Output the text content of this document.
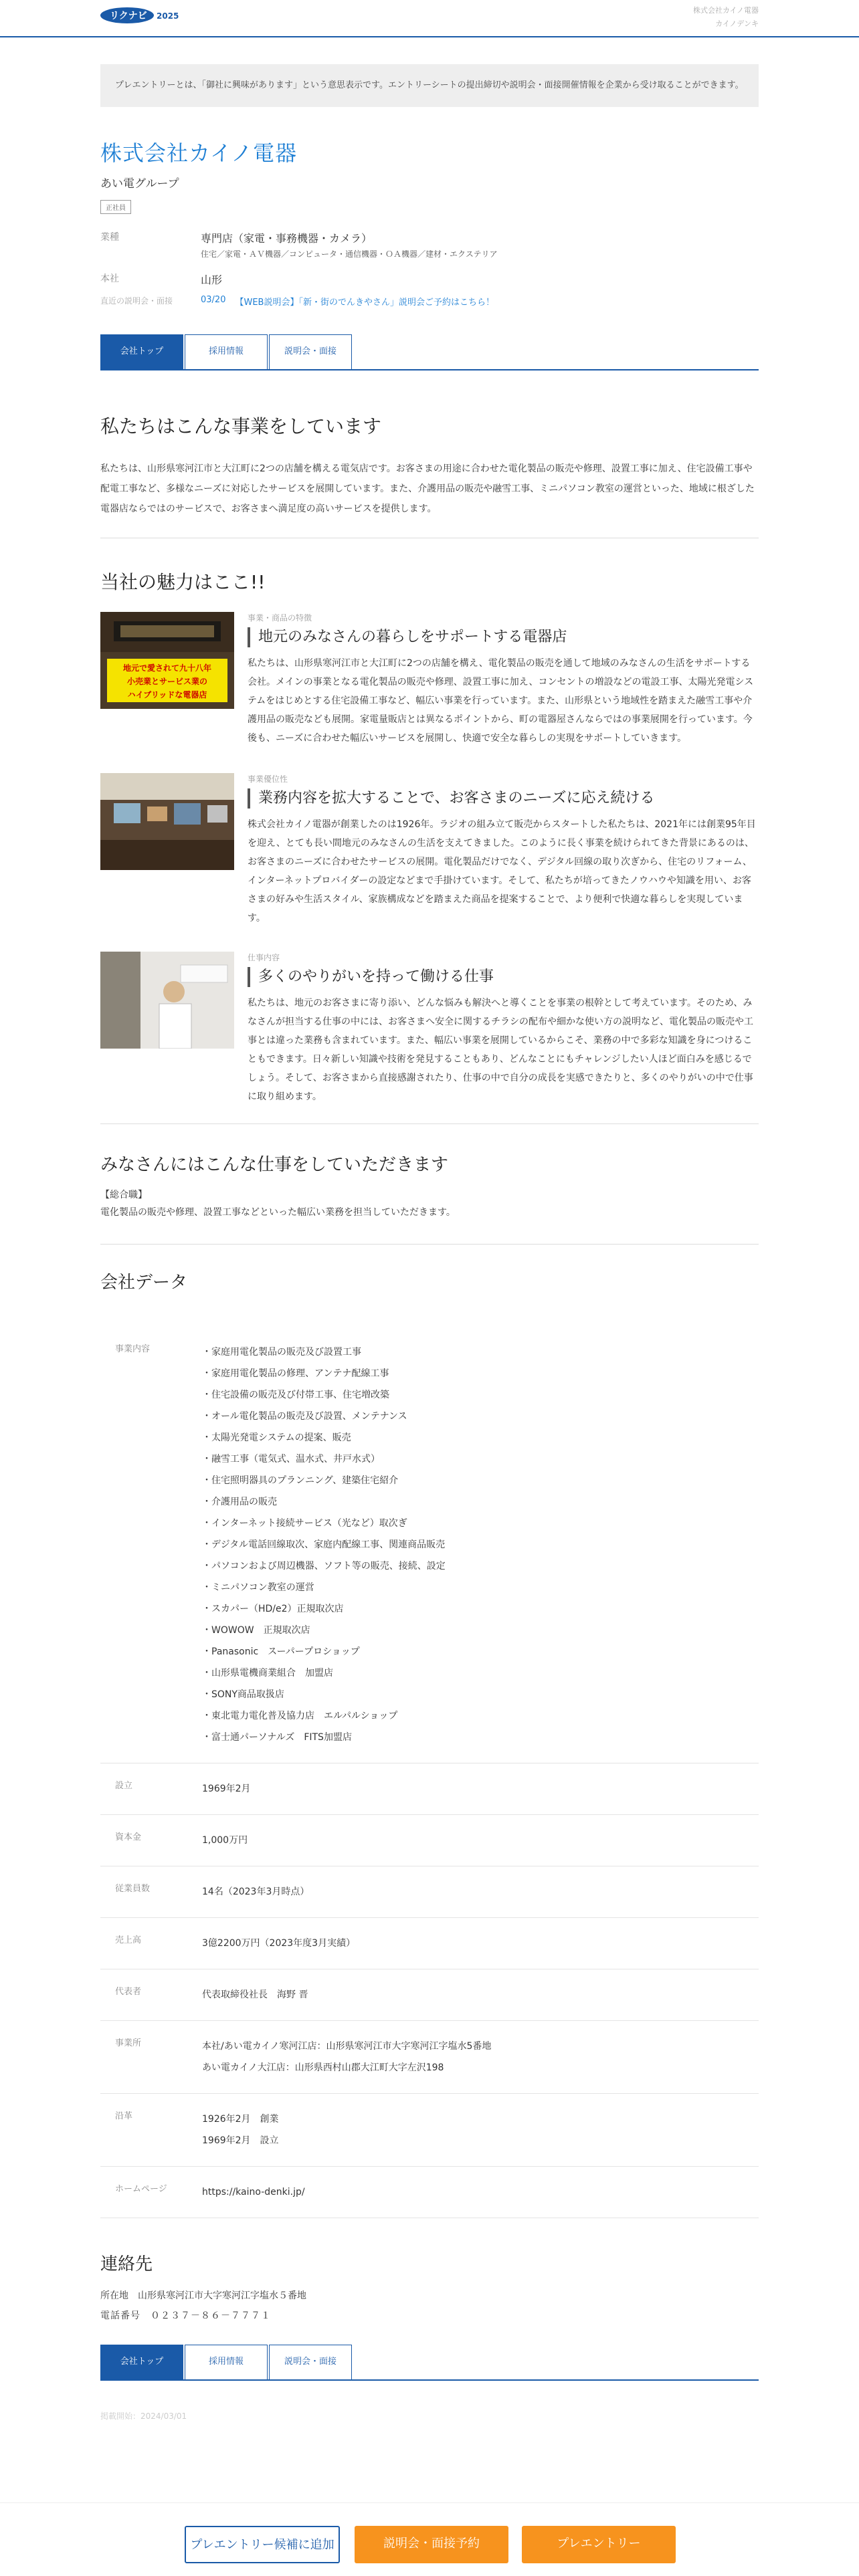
リクナビ 2025
株式会社カイノ電器
カイノデンキ
プレエントリーとは、「御社に興味があります」という意思表示です。エントリーシートの提出締切や説明会・面接開催情報を企業から受け取ることができます。
株式会社カイノ電器
あい電グループ
正社員
業種	専門店（家電・事務機器・カメラ）
住宅／家電・ＡＶ機器／コンピュータ・通信機器・ＯＡ機器／建材・エクステリア
本社	山形
直近の説明会・面接	03/20 【WEB説明会】「新・街のでんきやさん」説明会ご予約はこちら！
会社トップ	採用情報	説明会・面接
私たちはこんな事業をしています
私たちは、山形県寒河江市と大江町に2つの店舗を構える電気店です。お客さまの用途に合わせた電化製品の販売や修理、設置工事に加え、住宅設備工事や配電工事など、多様なニーズに対応したサービスを展開しています。また、介護用品の販売や融雪工事、ミニパソコン教室の運営といった、地域に根ざした電器店ならではのサービスで、お客さまへ満足度の高いサービスを提供します。
当社の魅力はここ!!
地元で愛されて九十八年
小売業とサービス業の
ハイブリッドな電器店
事業・商品の特徴
地元のみなさんの暮らしをサポートする電器店
私たちは、山形県寒河江市と大江町に2つの店舗を構え、電化製品の販売を通して地域のみなさんの生活をサポートする会社。メインの事業となる電化製品の販売や修理、設置工事に加え、コンセントの増設などの電設工事、太陽光発電システムをはじめとする住宅設備工事など、幅広い事業を行っています。また、山形県という地域性を踏まえた融雪工事や介護用品の販売なども展開。家電量販店とは異なるポイントから、町の電器屋さんならではの事業展開を行っています。今後も、ニーズに合わせた幅広いサービスを展開し、快適で安全な暮らしの実現をサポートしていきます。
事業優位性
業務内容を拡大することで、お客さまのニーズに応え続ける
株式会社カイノ電器が創業したのは1926年。ラジオの組み立て販売からスタートした私たちは、2021年には創業95年目を迎え、とても長い間地元のみなさんの生活を支えてきました。このように長く事業を続けられてきた背景にあるのは、お客さまのニーズに合わせたサービスの展開。電化製品だけでなく、デジタル回線の取り次ぎから、住宅のリフォーム、インターネットプロバイダーの設定などまで手掛けています。そして、私たちが培ってきたノウハウや知識を用い、お客さまの好みや生活スタイル、家族構成などを踏まえた商品を提案することで、より便利で快適な暮らしを実現しています。
仕事内容
多くのやりがいを持って働ける仕事
私たちは、地元のお客さまに寄り添い、どんな悩みも解決へと導くことを事業の根幹として考えています。そのため、みなさんが担当する仕事の中には、お客さまへ安全に関するチラシの配布や細かな使い方の説明など、電化製品の販売や工事とは違った業務も含まれています。また、幅広い事業を展開しているからこそ、業務の中で多彩な知識を身につけることもできます。日々新しい知識や技術を発見することもあり、どんなことにもチャレンジしたい人ほど面白みを感じるでしょう。そして、お客さまから直接感謝されたり、仕事の中で自分の成長を実感できたりと、多くのやりがいの中で仕事に取り組めます。
みなさんにはこんな仕事をしていただきます
【総合職】
電化製品の販売や修理、設置工事などといった幅広い業務を担当していただきます。
会社データ
事業内容	・家庭用電化製品の販売及び設置工事
・家庭用電化製品の修理、アンテナ配線工事
・住宅設備の販売及び付帯工事、住宅増改築
・オール電化製品の販売及び設置、メンテナンス
・太陽光発電システムの提案、販売
・融雪工事（電気式、温水式、井戸水式）
・住宅照明器具のプランニング、建築住宅紹介
・介護用品の販売
・インターネット接続サービス（光など）取次ぎ
・デジタル電話回線取次、家庭内配線工事、関連商品販売
・パソコンおよび周辺機器、ソフト等の販売、接続、設定
・ミニパソコン教室の運営
・スカパー（HD/e2）正規取次店
・WOWOW　正規取次店
・Panasonic　スーパープロショップ
・山形県電機商業組合　加盟店
・SONY商品取扱店
・東北電力電化普及協力店　エルパルショップ
・富士通パーソナルズ　FITS加盟店
設立	1969年2月
資本金	1,000万円
従業員数	14名（2023年3月時点）
売上高	3億2200万円（2023年度3月実績）
代表者	代表取締役社長　海野 晋
事業所	本社/あい電カイノ寒河江店：山形県寒河江市大字寒河江字塩水5番地
あい電カイノ大江店：山形県西村山郡大江町大字左沢198
沿革	1926年2月　創業
1969年2月　設立
ホームページ	https://kaino-denki.jp/
連絡先
所在地　山形県寒河江市大字寒河江字塩水５番地
電話番号　０２３７－８６－７７７１
会社トップ	採用情報	説明会・面接
掲載開始：2024/03/01
プレエントリー候補に追加	説明会・面接予約	プレエントリー
